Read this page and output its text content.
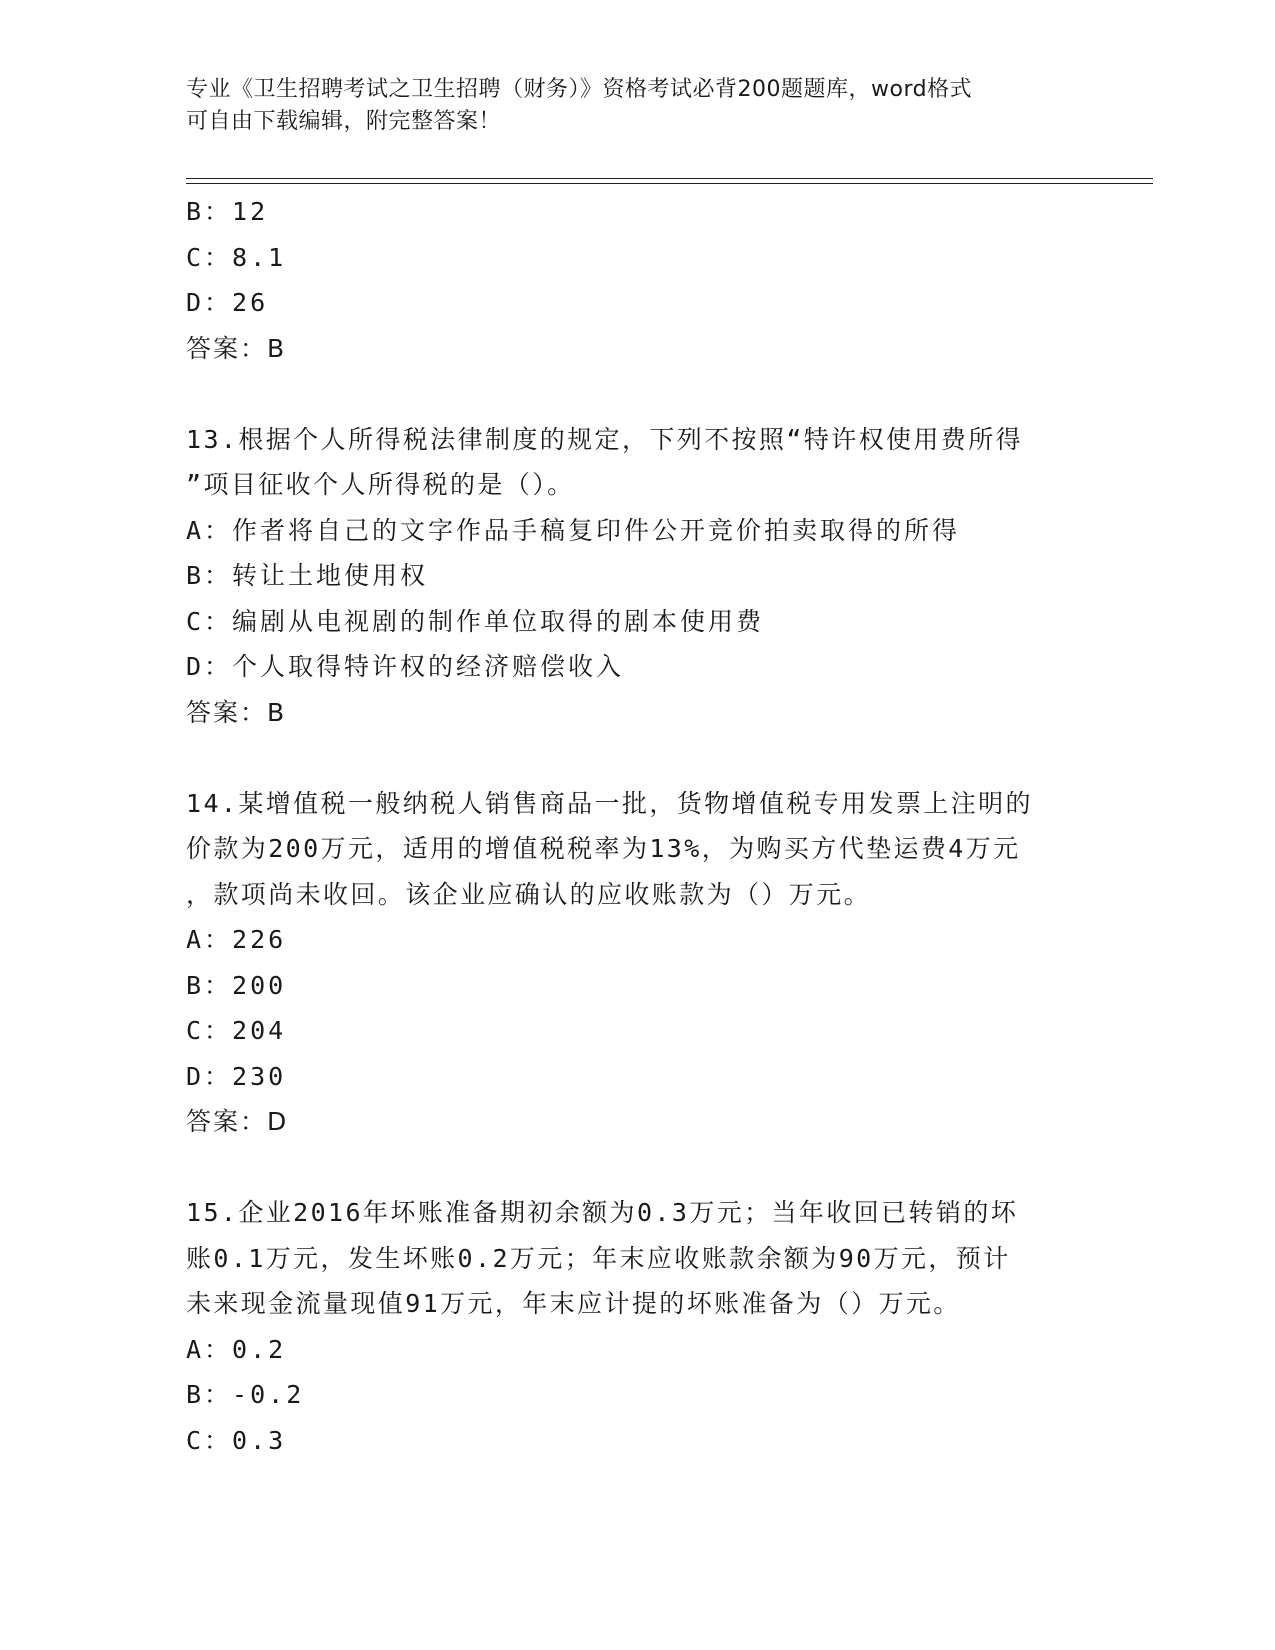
专业《卫生招聘考试之卫生招聘（财务）》资格考试必背200题题库，word格式
可自由下载编辑，附完整答案！
B：12
C：8.1
D：26
答案：B
13.根据个人所得税法律制度的规定，下列不按照“特许权使用费所得
”项目征收个人所得税的是（）。
A：作者将自己的文字作品手稿复印件公开竞价拍卖取得的所得
B：转让土地使用权
C：编剧从电视剧的制作单位取得的剧本使用费
D：个人取得特许权的经济赔偿收入
答案：B
14.某增值税一般纳税人销售商品一批，货物增值税专用发票上注明的
价款为200万元，适用的增值税税率为13%，为购买方代垫运费4万元
，款项尚未收回。该企业应确认的应收账款为（）万元。
A：226
B：200
C：204
D：230
答案：D
15.企业2016年坏账准备期初余额为0.3万元；当年收回已转销的坏
账0.1万元，发生坏账0.2万元；年末应收账款余额为90万元，预计
未来现金流量现值91万元，年末应计提的坏账准备为（）万元。
A：0.2
B：-0.2
C：0.3
